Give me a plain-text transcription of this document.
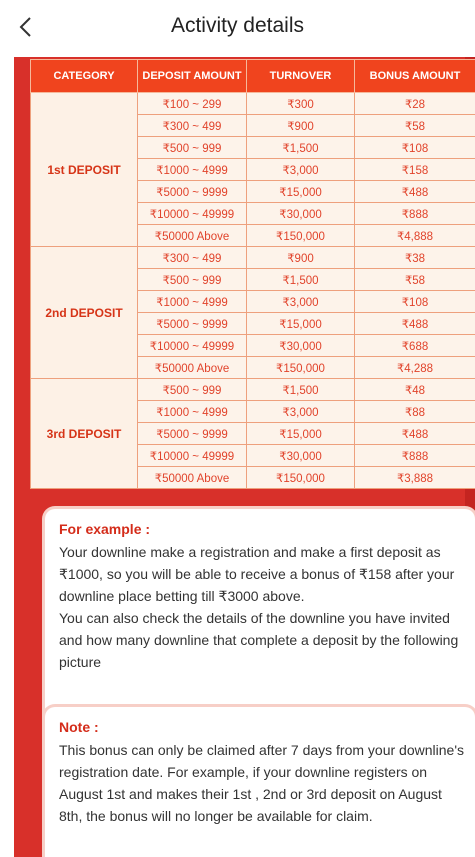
Activity details
CATEGORY	DEPOSIT AMOUNT	TURNOVER	BONUS AMOUNT
1st DEPOSIT	₹100 ~ 299	₹300	₹28
	₹300 ~ 499	₹900	₹58
	₹500 ~ 999	₹1,500	₹108
	₹1000 ~ 4999	₹3,000	₹158
	₹5000 ~ 9999	₹15,000	₹488
	₹10000 ~ 49999	₹30,000	₹888
	₹50000 Above	₹150,000	₹4,888
2nd DEPOSIT	₹300 ~ 499	₹900	₹38
	₹500 ~ 999	₹1,500	₹58
	₹1000 ~ 4999	₹3,000	₹108
	₹5000 ~ 9999	₹15,000	₹488
	₹10000 ~ 49999	₹30,000	₹688
	₹50000 Above	₹150,000	₹4,288
3rd DEPOSIT	₹500 ~ 999	₹1,500	₹48
	₹1000 ~ 4999	₹3,000	₹88
	₹5000 ~ 9999	₹15,000	₹488
	₹10000 ~ 49999	₹30,000	₹888
	₹50000 Above	₹150,000	₹3,888
For example :

Your downline make a registration and make a first deposit as ₹1000, so you will be able to receive a bonus of ₹158 after your downline place betting till ₹3000 above.

You can also check the details of the downline you have invited and how many downline that complete a deposit by the following picture

Note :
This bonus can only be claimed after 7 days from your downline's registration date. For example, if your downline registers on August 1st and makes their 1st , 2nd or 3rd deposit on August 8th, the bonus will no longer be available for claim.
